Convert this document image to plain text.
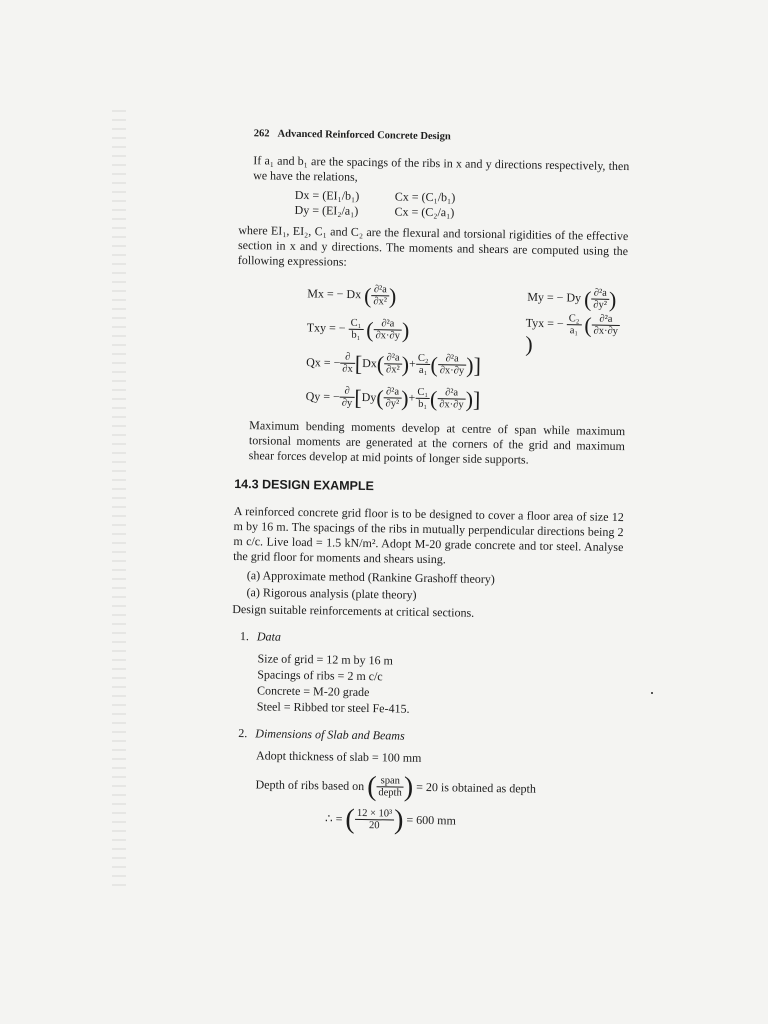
262 Advanced Reinforced Concrete Design

If a₁ and b₁ are the spacings of the ribs in x and y directions respectively, then we have the relations,

Dx = (EI₁/b₁)	Cx = (C₁/b₁)
Dy = (EI₂/a₁)	Cx = (C₂/a₁)

where EI₁, EI₂, C₁ and C₂ are the flexural and torsional rigidities of the effective section in x and y directions. The moments and shears are computed using the following expressions:

Mx = − Dx ( $\frac{\text{∂²a}}{\text{∂x²}}$ )	My = − Dy ( $\frac{\text{∂²a}}{\text{∂y²}}$ )
Txy = − $\frac{\text{C₁}}{\text{b₁}}$ ( $\frac{\text{∂²a}}{\partial x\cdot\partial y}$ )	Tyx = − $\frac{\text{C₂}}{\text{a₁}}$ ( $\frac{\text{∂²a}}{\partial x\cdot\partial y}$
)
Qx = − $\frac{\partial}{\partial x}$ [ Dx ( $\frac{\text{∂²a}}{\text{∂x²}}$ ) + $\frac{\text{C₂}}{\text{a₁}}$ ( $\frac{\text{∂²a}}{\partial x\cdot\partial y}$ )]
Qy = − $\frac{\partial}{\partial y}$ [ Dy ( $\frac{\text{∂²a}}{\text{∂y²}}$ ) + $\frac{\text{C₁}}{\text{b₁}}$ ( $\frac{\text{∂²a}}{\partial x\cdot\partial y}$ )]

Maximum bending moments develop at centre of span while maximum torsional moments are generated at the corners of the grid and maximum shear forces develop at mid points of longer side supports.

14.3 DESIGN EXAMPLE

A reinforced concrete grid floor is to be designed to cover a floor area of size 12 m by 16 m. The spacings of the ribs in mutually perpendicular directions being 2 m c/c. Live load = 1.5 kN/m². Adopt M-20 grade concrete and tor steel. Analyse the grid floor for moments and shears using.

(a) Approximate method (Rankine Grashoff theory)
(a) Rigorous analysis (plate theory)
Design suitable reinforcements at critical sections.
1. Data
Size of grid = 12 m by 16 m
Spacings of ribs = 2 m c/c
Concrete = M-20 grade
Steel = Ribbed tor steel Fe-415.
2. Dimensions of Slab and Beams
Adopt thickness of slab = 100 mm
Depth of ribs based on
( $\frac{\text{span}}{\text{depth}}$ )
= 20 is obtained as depth
∴ =
( $\frac{\text{12 × 10³}}{20}$ )
= 600 mm
